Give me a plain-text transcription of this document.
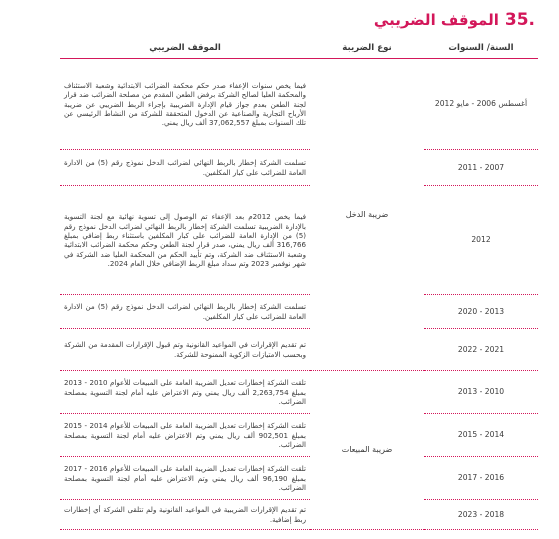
.35
الموقف الضريبي
السنة/ السنوات	نوع الضريبة	الموقف الضريبي
أغسطس 2006 - مايو 2012	ضريبة الدخل	فيما يخص سنوات الإعفاء صدر حكم محكمة الضرائب الابتدائية وشعبة الاستئناف والمحكمة العليا لصالح الشركة برفض الطعن المقدم من مصلحة الضرائب ضد قرار لجنة الطعن بعدم جواز قيام الإدارة الضريبية بإجراء الربط الضريبي عن ضريبة الأرباح التجارية والصناعية عن الدخول المتحققة للشركة من النشاط الرئيسي عن تلك السنوات بمبلغ 37,062,557 ألف ريال يمني.
2007 - 2011		تسلمت الشركة إخطار بالربط النهائي لضرائب الدخل نموذج رقم (5) من الادارة العامة للضرائب على كبار المكلفين.
2012		فيما يخص 2012م بعد الإعفاء تم الوصول إلى تسوية نهائية مع لجنة التسوية بالإدارة الضريبية تسلمت الشركة إخطار بالربط النهائي لضرائب الدخل نموذج رقم (5) من الإدارة العامة للضرائب على كبار المكلفين باستثناء ربط إضافي بمبلغ 316,766 ألف ريال يمني، صدر قرار لجنة الطعن وحكم محكمة الضرائب الابتدائية وشعبة الاستئناف ضد الشركة، وتم تأييد الحكم من المحكمة العليا ضد الشركة في شهر نوفمبر 2023 وتم سداد مبلغ الربط الإضافي خلال العام 2024.
2013 - 2020		تسلمت الشركة إخطار بالربط النهائي لضرائب الدخل نموذج رقم (5) من الادارة العامة للضرائب على كبار المكلفين.
2021 - 2022		تم تقديم الإقرارات في المواعيد القانونية وتم قبول الإقرارات المقدمة من الشركة وبحسب الامتيازات الزكوية الممنوحة للشركة.
2010 - 2013	ضريبة المبيعات	تلقت الشركة إخطارات تعديل الضريبة العامة على المبيعات للأعوام 2010 - 2013 بمبلغ 2,263,754 ألف ريال يمني وتم الاعتراض عليه أمام لجنة التسوية بمصلحة الضرائب.
2014 - 2015		تلقت الشركة إخطارات تعديل الضريبة العامة على المبيعات للأعوام 2014 - 2015 بمبلغ 902,501 ألف ريال يمني وتم الاعتراض عليه أمام لجنة التسوية بمصلحة الضرائب.
2016 - 2017		تلقت الشركة إخطارات تعديل الضريبة العامة على المبيعات للأعوام 2016 - 2017 بمبلغ 96,190 ألف ريال يمني وتم الاعتراض عليه أمام لجنة التسوية بمصلحة الضرائب.
2018 - 2023		تم تقديم الإقرارات الضريبية في المواعيد القانونية ولم تتلقى الشركة أي إخطارات ربط إضافية.
